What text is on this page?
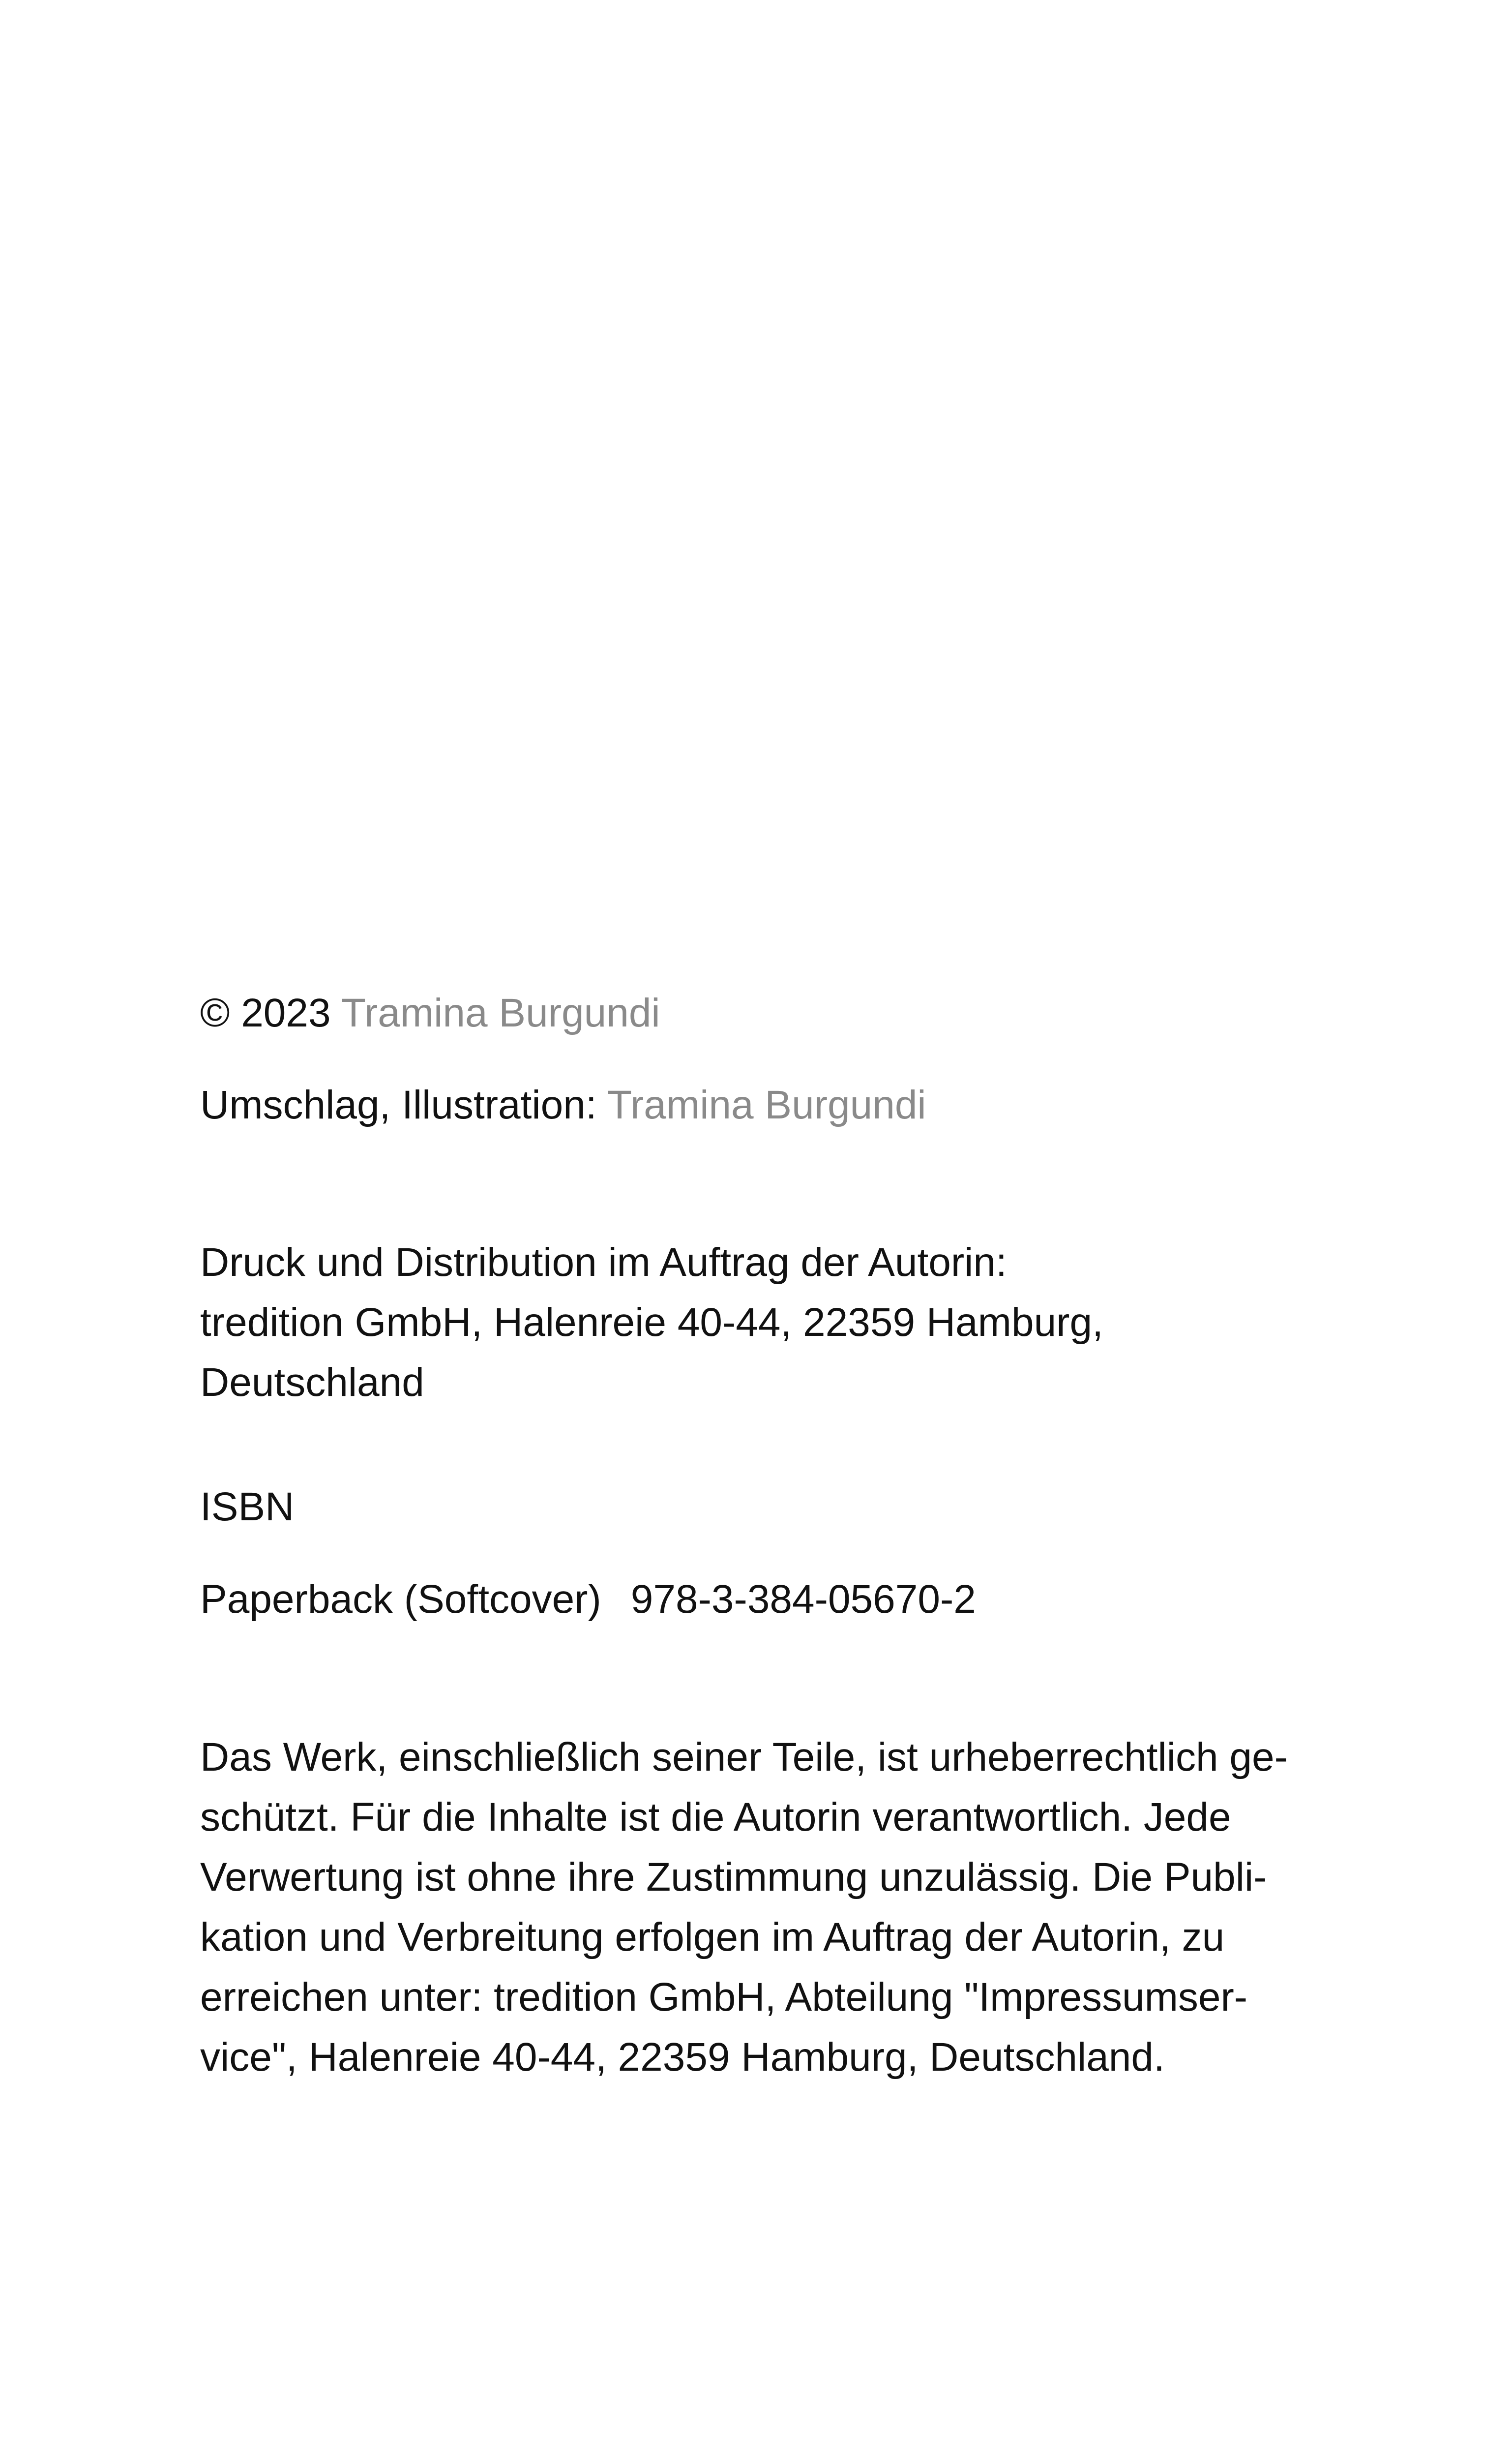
© 2023 Tramina Burgundi

Umschlag, Illustration: Tramina Burgundi

Druck und Distribution im Auftrag der Autorin:
tredition GmbH, Halenreie 40-44, 22359 Hamburg,
Deutschland

ISBN

Paperback (Softcover) 978-3-384-05670-2

Das Werk, einschließlich seiner Teile, ist urheberrechtlich ge-
schützt. Für die Inhalte ist die Autorin verantwortlich. Jede
Verwertung ist ohne ihre Zustimmung unzulässig. Die Publi-
kation und Verbreitung erfolgen im Auftrag der Autorin, zu
erreichen unter: tredition GmbH, Abteilung "Impressumser-
vice", Halenreie 40-44, 22359 Hamburg, Deutschland.
